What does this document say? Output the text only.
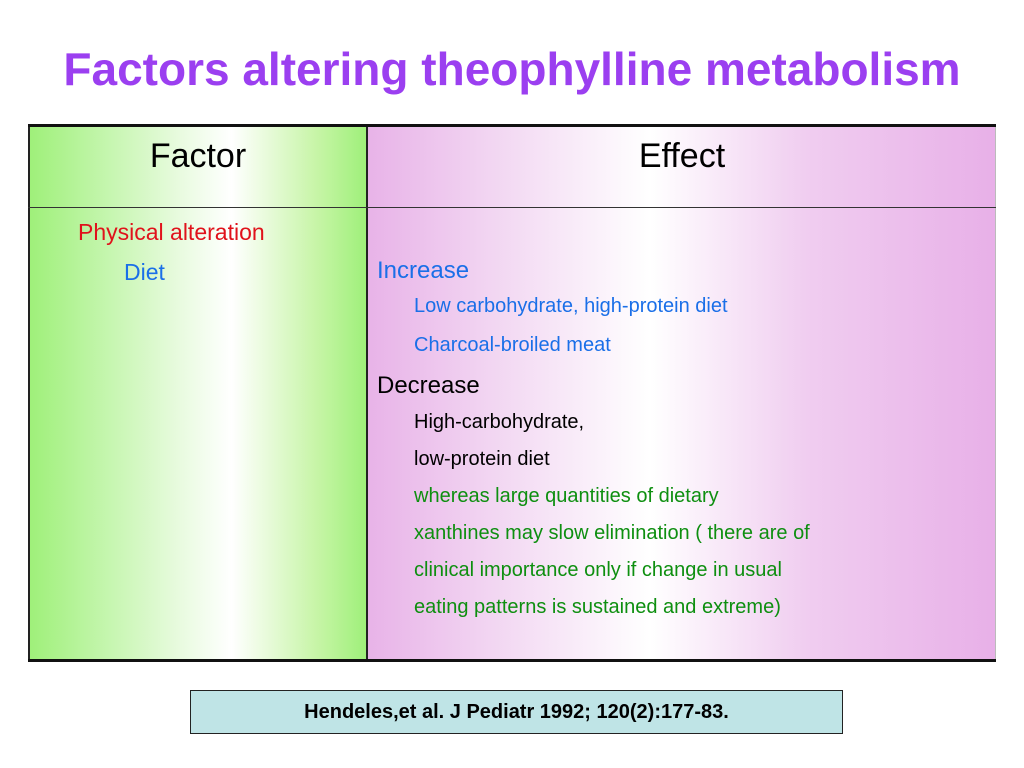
Factors altering theophylline metabolism
Factor	Effect
Physical alteration
Diet	Increase
Low carbohydrate, high-protein diet
Charcoal-broiled meat
Decrease
High-carbohydrate,
low-protein diet
whereas large quantities of dietary
xanthines may slow elimination ( there are of
clinical importance only if change in usual
eating patterns is sustained and extreme)
Hendeles,et al. J Pediatr 1992; 120(2):177-83.
